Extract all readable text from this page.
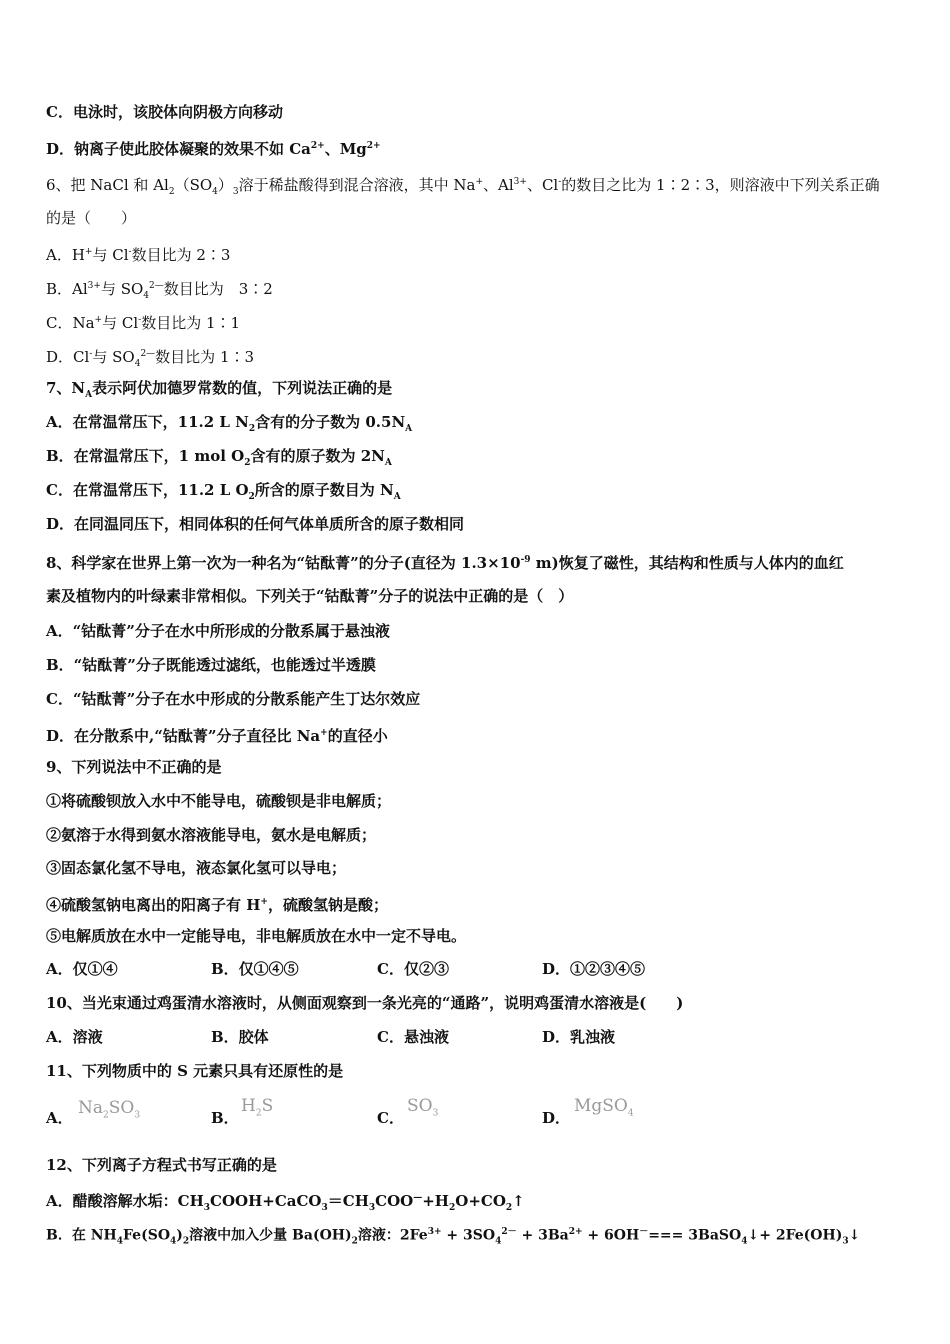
C．电泳时，该胶体向阴极方向移动
D．钠离子使此胶体凝聚的效果不如 $Ca^{2+}$、$Mg^{2+}$
6、把 NaCl 和 $Al_2(SO_4)_3$溶于稀盐酸得到混合溶液，其中 Na+、$Al^{3+}$、Cl-的数目之比为 1∶2∶3，则溶液中下列关系正确
的是（　　）
A．H+与 Cl-数目比为 2∶3
B．$Al^{3+}$与 $SO_4^{2—}$数目比为　3∶2
C．Na+与 Cl-数目比为 1∶1
D．Cl-与 $SO_4^{2—}$数目比为 1∶3
7、$N_A$表示阿伏加德罗常数的值，下列说法正确的是
A．在常温常压下，11.2 L $N_2$含有的分子数为 $0.5N_A$
B．在常温常压下，1 mol $O_2$含有的原子数为 $2N_A$
C．在常温常压下，11.2 L $O_2$所含的原子数目为 $N_A$
D．在同温同压下，相同体积的任何气体单质所含的原子数相同
8、科学家在世界上第一次为一种名为“钴酞菁”的分子(直径为 $1.3\times 10^{-9}$ m)恢复了磁性，其结构和性质与人体内的血红
素及植物内的叶绿素非常相似。下列关于“钴酞菁”分子的说法中正确的是（　）
A．“钴酞菁”分子在水中所形成的分散系属于悬浊液
B．“钴酞菁”分子既能透过滤纸，也能透过半透膜
C．“钴酞菁”分子在水中形成的分散系能产生丁达尔效应
D．在分散系中,“钴酞菁”分子直径比 Na+的直径小
9、下列说法中不正确的是
①将硫酸钡放入水中不能导电，硫酸钡是非电解质；
②氨溶于水得到氨水溶液能导电，氨水是电解质；
③固态氯化氢不导电，液态氯化氢可以导电；
④硫酸氢钠电离出的阳离子有 H+，硫酸氢钠是酸；
⑤电解质放在水中一定能导电，非电解质放在水中一定不导电。
A．仅①④	B．仅①④⑤	C．仅②③	D．①②③④⑤
10、当光束通过鸡蛋清水溶液时，从侧面观察到一条光亮的“通路”，说明鸡蛋清水溶液是(　　)
A．溶液	B．胶体	C．悬浊液	D．乳浊液
11、下列物质中的 S 元素只具有还原性的是
A． $Na_2SO_3$	B．
$H_2S$
C．
$SO_3$	D．
MgSO$_4$
12、下列离子方程式书写正确的是
A．醋酸溶解水垢：$CH_3COOH+CaCO_3=CH_3COO^—+H_2O+CO_2↑$
B．在 $NH_4Fe(SO_4)_2$溶液中加入少量 $Ba(OH)_2$溶液：$2Fe^{3+} + 3SO_4^{2-} + 3Ba^{2+} + 6OH^-===$ 3BaSO$_4$↓+ $2Fe(OH)_3↓$
